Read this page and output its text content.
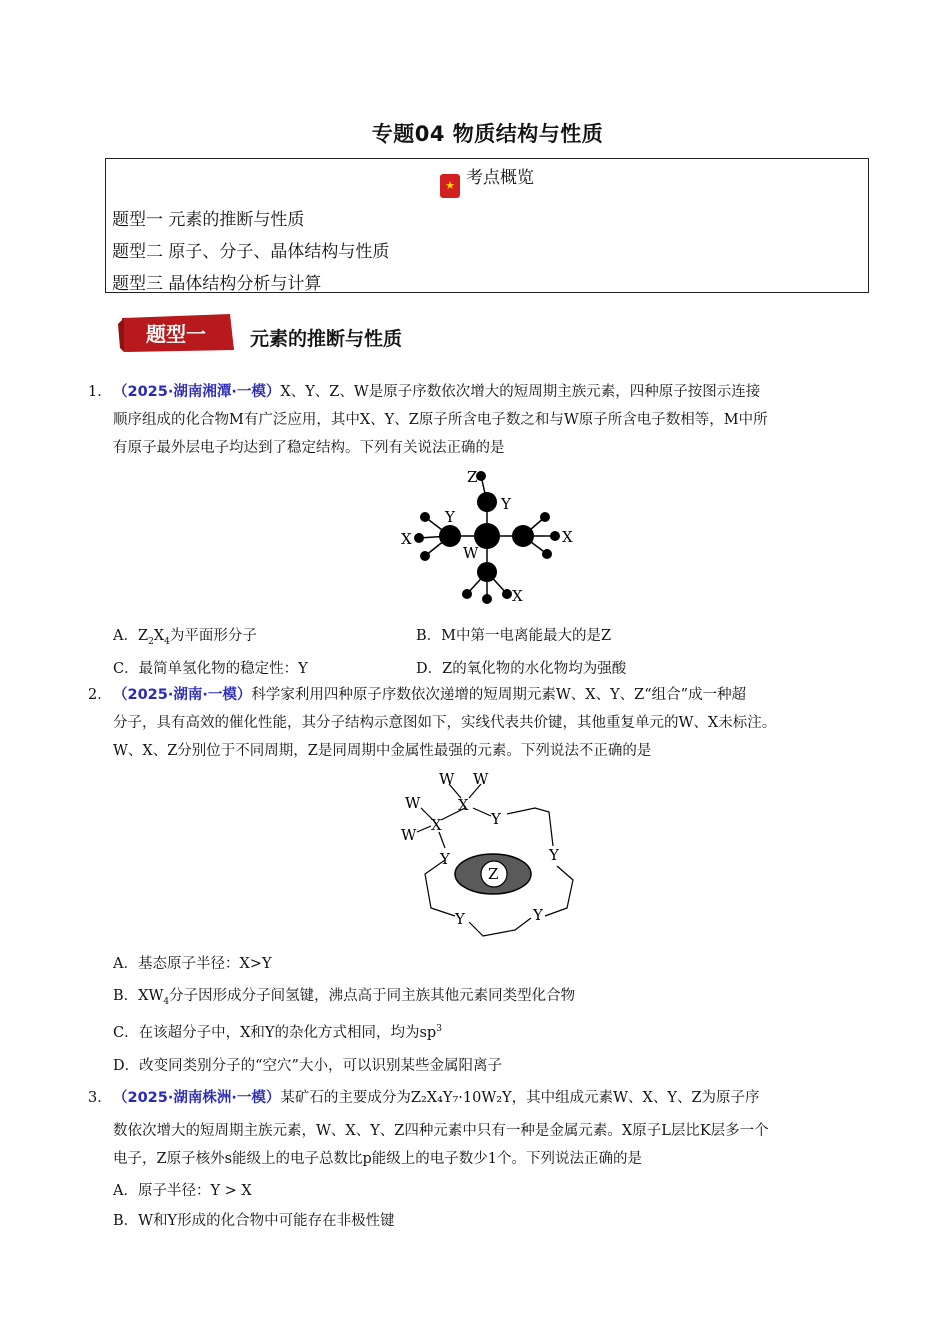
专题04 物质结构与性质
★ 考点概览
题型一 元素的推断与性质
题型二 原子、分子、晶体结构与性质
题型三 晶体结构分析与计算
题型一 元素的推断与性质
1． （2025·湖南湘潭·一模）X、Y、Z、W是原子序数依次增大的短周期主族元素，四种原子按图示连接
顺序组成的化合物M有广泛应用，其中X、Y、Z原子所含电子数之和与W原子所含电子数相等，M中所
有原子最外层电子均达到了稳定结构。下列有关说法正确的是
Z
Y
Y
X	X
W
X
A．$Z_2X_4$为平面形分子	B．M中第一电离能最大的是Z
C．最简单氢化物的稳定性：Y	D．Z的氧化物的水化物均为强酸
2． （2025·湖南·一模）科学家利用四种原子序数依次递增的短周期元素W、X、Y、Z“组合”成一种超
分子，具有高效的催化性能，其分子结构示意图如下，实线代表共价键，其他重复单元的W、X未标注。
W、X、Z分别位于不同周期，Z是同周期中金属性最强的元素。下列说法不正确的是
W W
X
W
Y
W
X
Y	Y
Y
Y
Z
A．基态原子半径：X>Y
B．$XW_4$分子因形成分子间氢键，沸点高于同主族其他元素同类型化合物
C．在该超分子中，X和Y的杂化方式相同，均为$sp^3$
D．改变同类别分子的“空穴”大小，可以识别某些金属阳离子
3． （2025·湖南株洲·一模）某矿石的主要成分为Z₂X₄Y₇·10W₂Y，其中组成元素W、X、Y、Z为原子序
数依次增大的短周期主族元素，W、X、Y、Z四种元素中只有一种是金属元素。X原子L层比K层多一个
电子，Z原子核外s能级上的电子总数比p能级上的电子数少1个。下列说法正确的是
A．原子半径：Y > X
B．W和Y形成的化合物中可能存在非极性键
